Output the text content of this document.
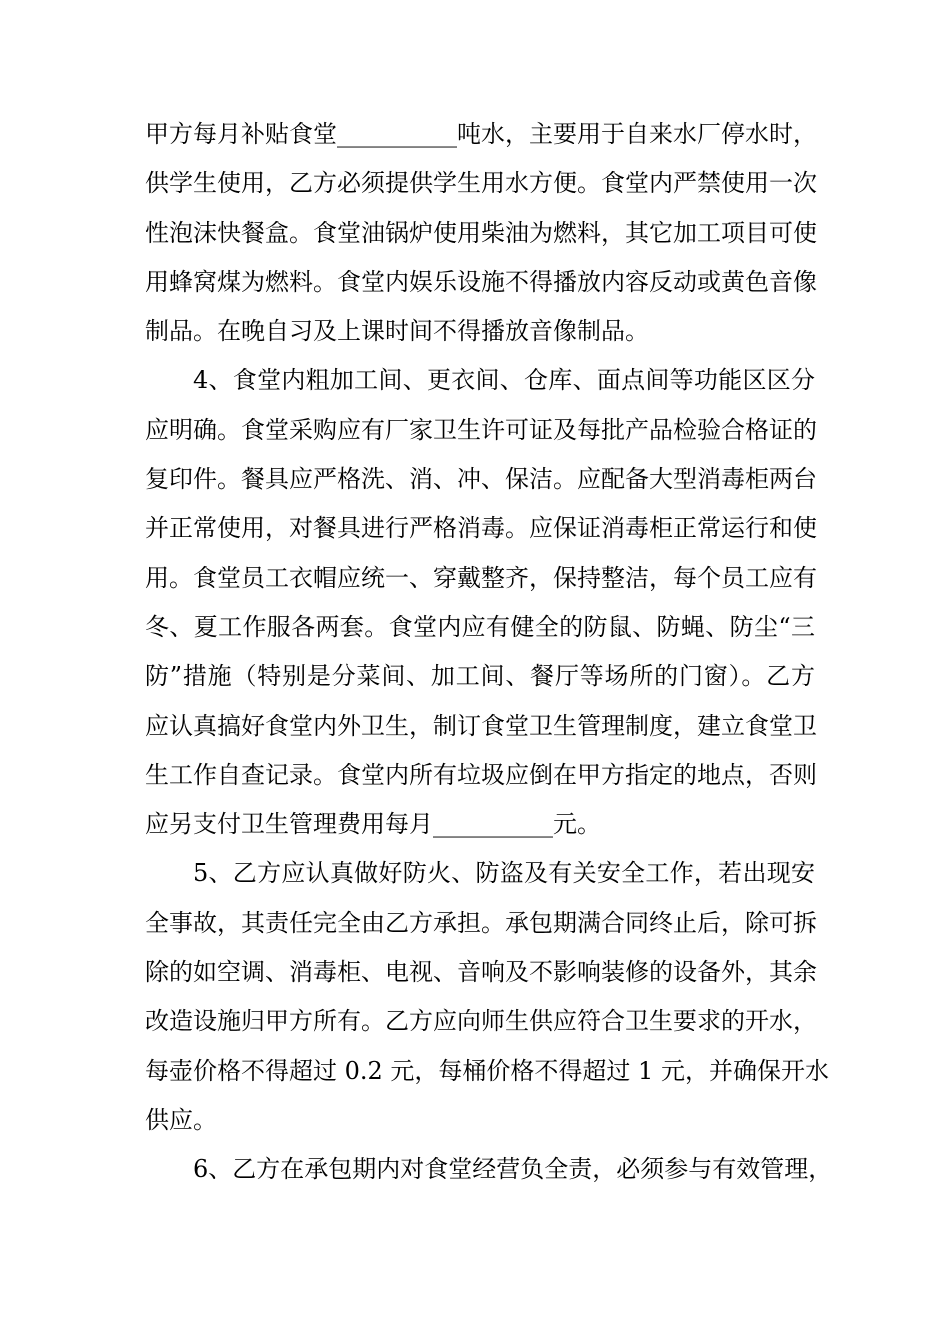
甲方每月补贴食堂__________吨水，主要用于自来水厂停水时，
供学生使用，乙方必须提供学生用水方便。食堂内严禁使用一次
性泡沫快餐盒。食堂油锅炉使用柴油为燃料，其它加工项目可使
用蜂窝煤为燃料。食堂内娱乐设施不得播放内容反动或黄色音像
制品。在晚自习及上课时间不得播放音像制品。
4、食堂内粗加工间、更衣间、仓库、面点间等功能区区分
应明确。食堂采购应有厂家卫生许可证及每批产品检验合格证的
复印件。餐具应严格洗、消、冲、保洁。应配备大型消毒柜两台
并正常使用，对餐具进行严格消毒。应保证消毒柜正常运行和使
用。食堂员工衣帽应统一、穿戴整齐，保持整洁，每个员工应有
冬、夏工作服各两套。食堂内应有健全的防鼠、防蝇、防尘“三
防”措施（特别是分菜间、加工间、餐厅等场所的门窗）。乙方
应认真搞好食堂内外卫生，制订食堂卫生管理制度，建立食堂卫
生工作自查记录。食堂内所有垃圾应倒在甲方指定的地点，否则
应另支付卫生管理费用每月__________元。
5、乙方应认真做好防火、防盗及有关安全工作，若出现安
全事故，其责任完全由乙方承担。承包期满合同终止后，除可拆
除的如空调、消毒柜、电视、音响及不影响装修的设备外，其余
改造设施归甲方所有。乙方应向师生供应符合卫生要求的开水，
每壶价格不得超过 0.2 元，每桶价格不得超过 1 元，并确保开水
供应。
6、乙方在承包期内对食堂经营负全责，必须参与有效管理，
